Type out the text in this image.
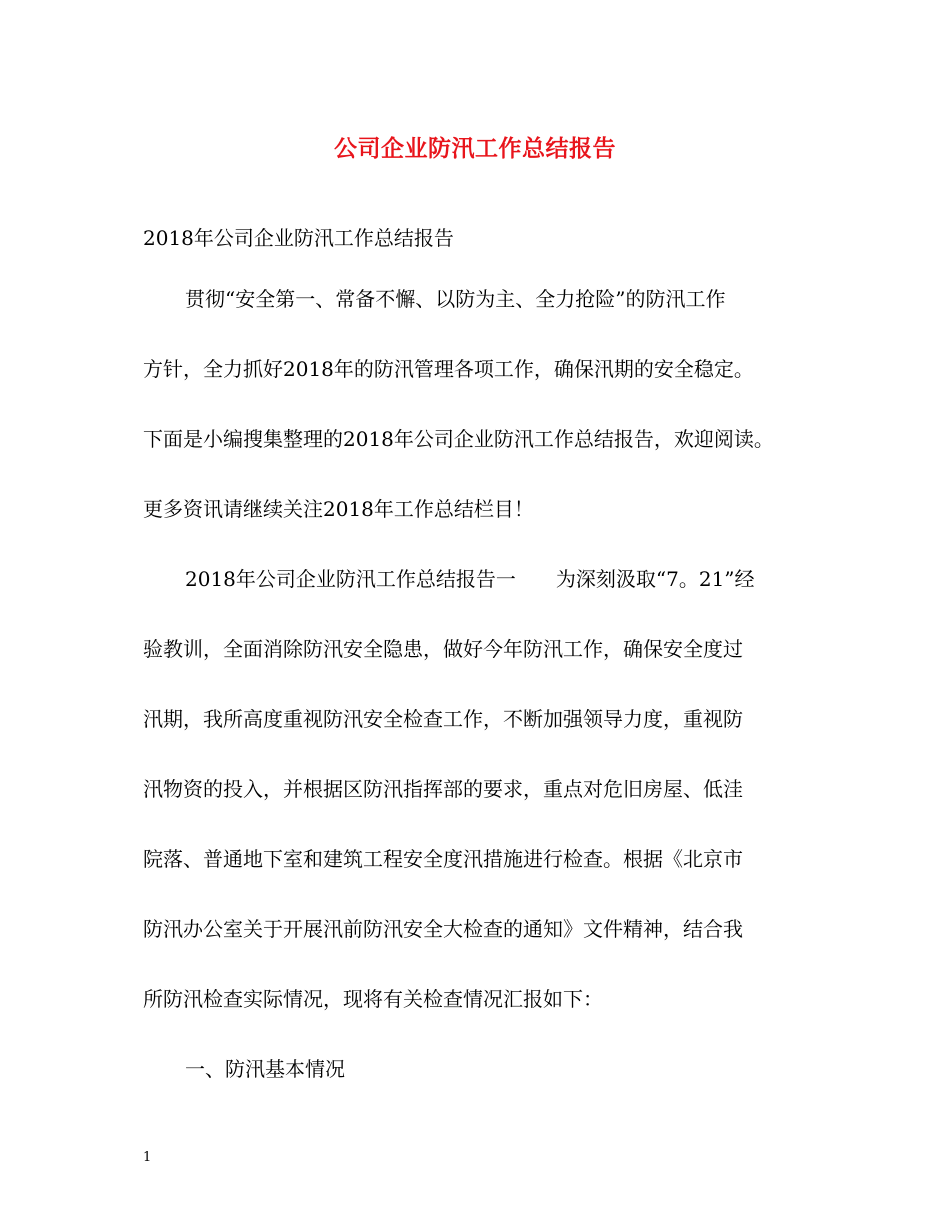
公司企业防汛工作总结报告
2018年公司企业防汛工作总结报告
贯彻“安全第一、常备不懈、以防为主、全力抢险”的防汛工作
方针，全力抓好2018年的防汛管理各项工作，确保汛期的安全稳定。
下面是小编搜集整理的2018年公司企业防汛工作总结报告，欢迎阅读。
更多资讯请继续关注2018年工作总结栏目！
2018年公司企业防汛工作总结报告一　　为深刻汲取“7。21”经
验教训，全面消除防汛安全隐患，做好今年防汛工作，确保安全度过
汛期，我所高度重视防汛安全检查工作，不断加强领导力度，重视防
汛物资的投入，并根据区防汛指挥部的要求，重点对危旧房屋、低洼
院落、普通地下室和建筑工程安全度汛措施进行检查。根据《北京市
防汛办公室关于开展汛前防汛安全大检查的通知》文件精神，结合我
所防汛检查实际情况，现将有关检查情况汇报如下：
一、防汛基本情况
1
